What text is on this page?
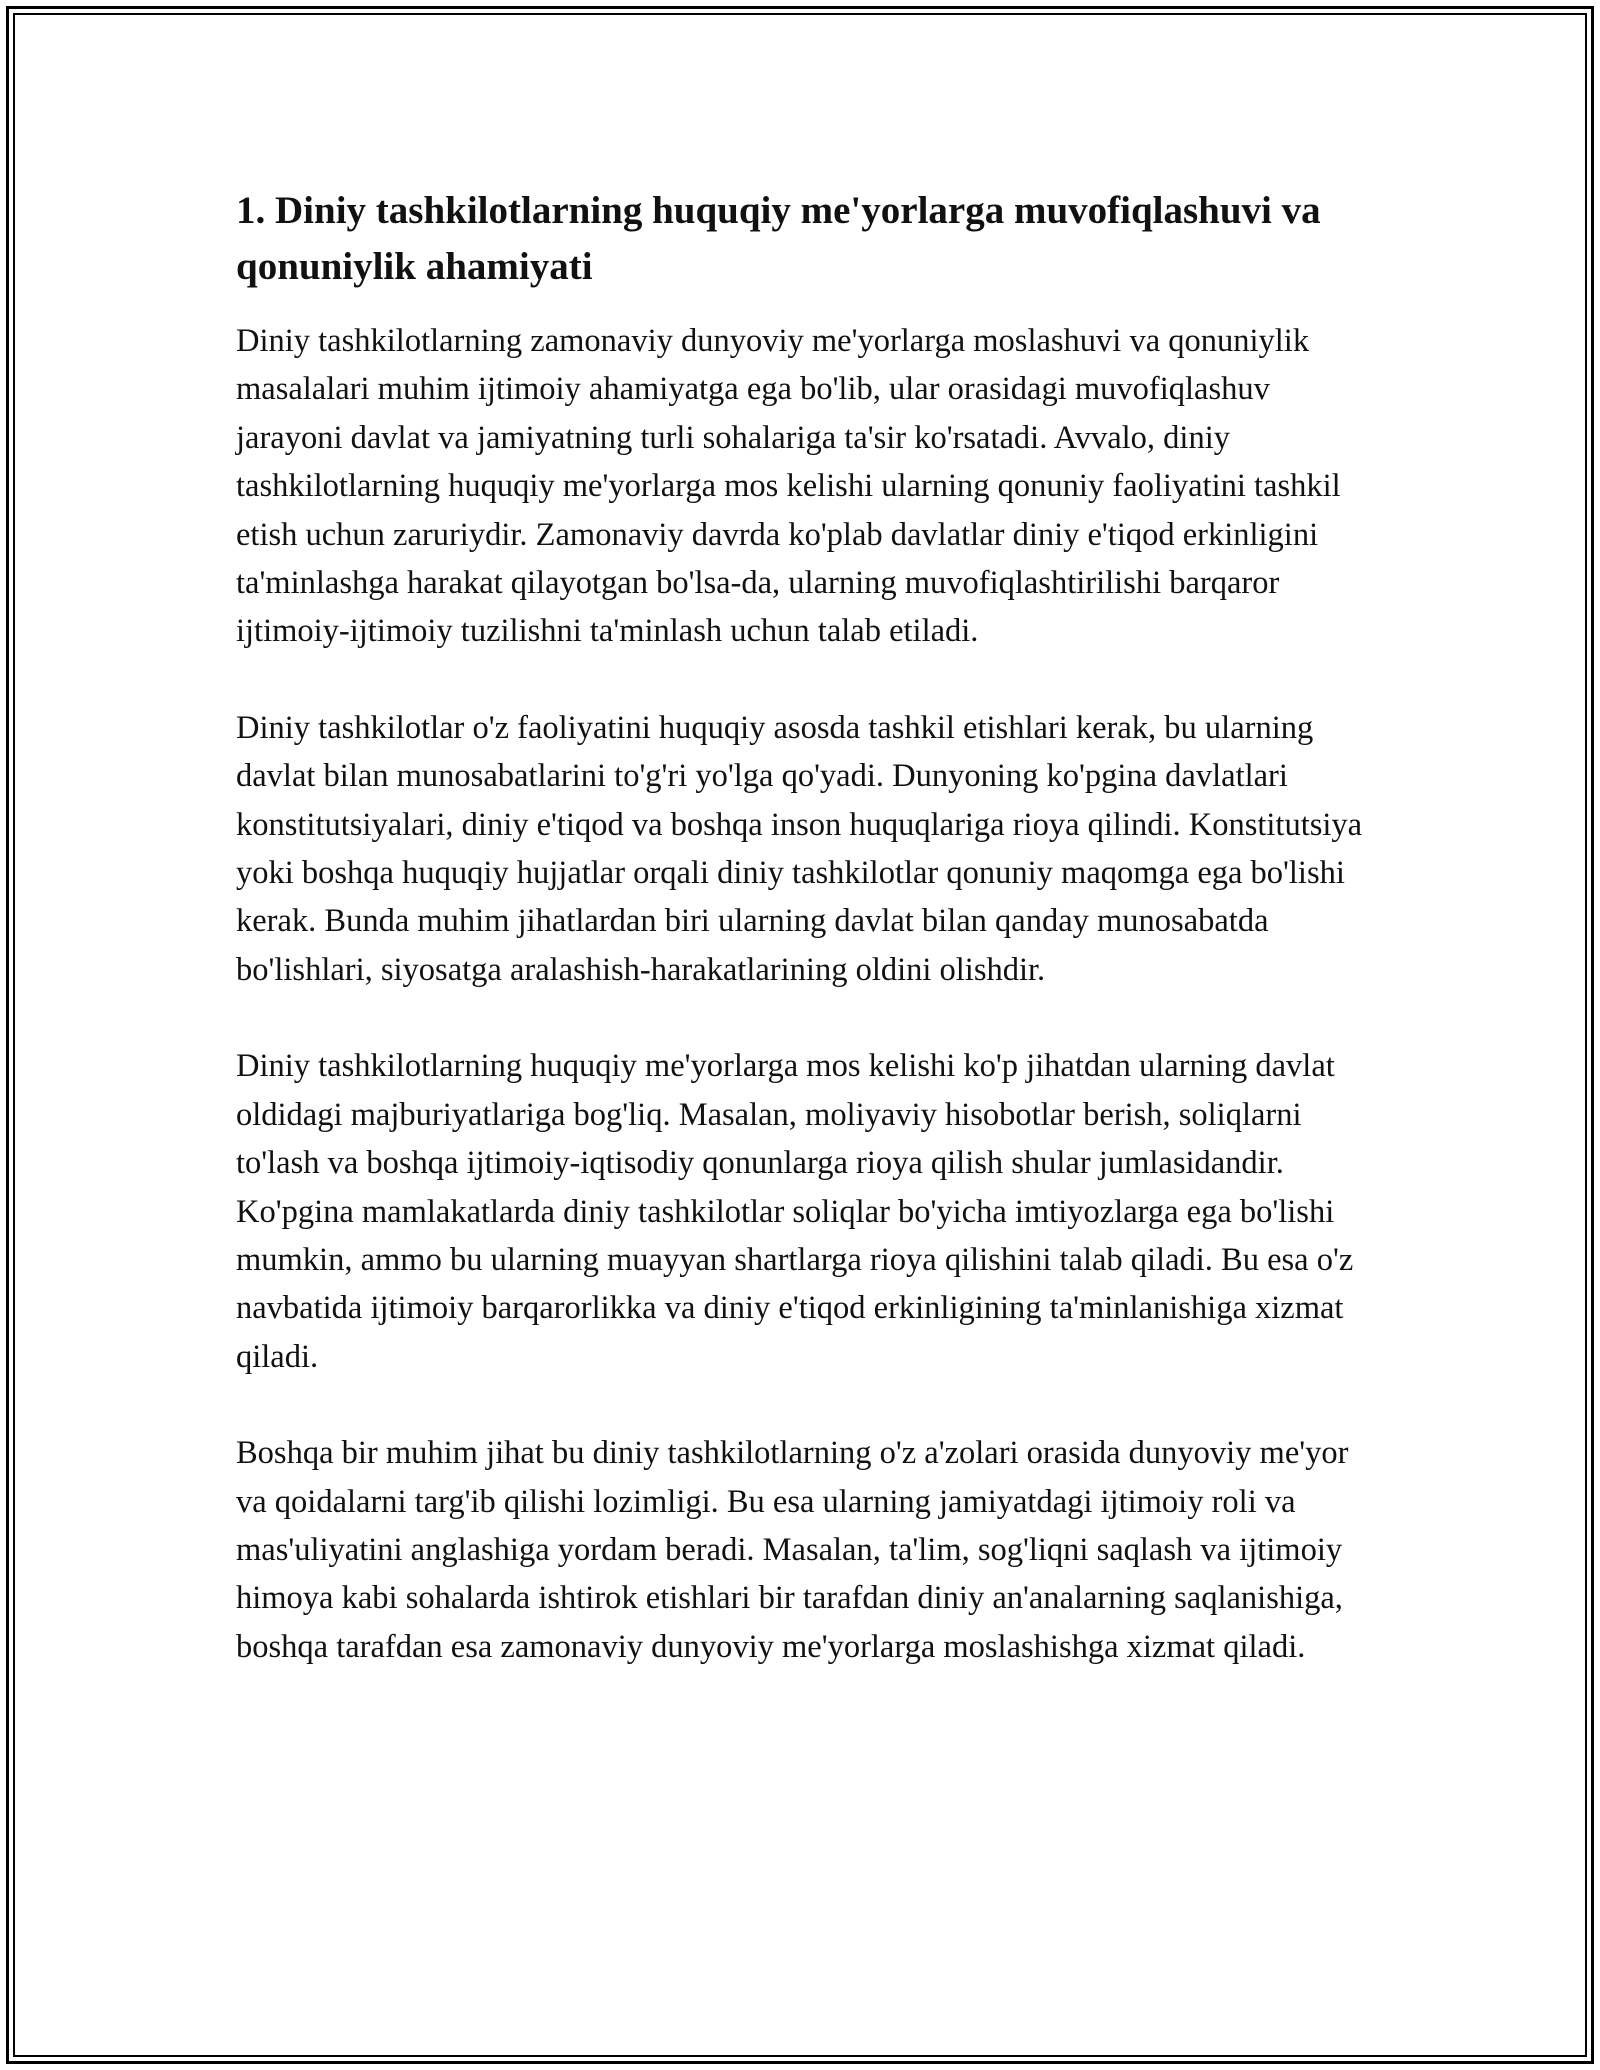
1. Diniy tashkilotlarning huquqiy me'yorlarga muvofiqlashuvi va qonuniylik ahamiyati

Diniy tashkilotlarning zamonaviy dunyoviy me'yorlarga moslashuvi va qonuniylik masalalari muhim ijtimoiy ahamiyatga ega bo'lib, ular orasidagi muvofiqlashuv jarayoni davlat va jamiyatning turli sohalariga ta'sir ko'rsatadi. Avvalo, diniy tashkilotlarning huquqiy me'yorlarga mos kelishi ularning qonuniy faoliyatini tashkil etish uchun zaruriydir. Zamonaviy davrda ko'plab davlatlar diniy e'tiqod erkinligini ta'minlashga harakat qilayotgan bo'lsa-da, ularning muvofiqlashtirilishi barqaror ijtimoiy-ijtimoiy tuzilishni ta'minlash uchun talab etiladi.

Diniy tashkilotlar o'z faoliyatini huquqiy asosda tashkil etishlari kerak, bu ularning davlat bilan munosabatlarini to'g'ri yo'lga qo'yadi. Dunyoning ko'pgina davlatlari konstitutsiyalari, diniy e'tiqod va boshqa inson huquqlariga rioya qilindi. Konstitutsiya yoki boshqa huquqiy hujjatlar orqali diniy tashkilotlar qonuniy maqomga ega bo'lishi kerak. Bunda muhim jihatlardan biri ularning davlat bilan qanday munosabatda bo'lishlari, siyosatga aralashish-harakatlarining oldini olishdir.

Diniy tashkilotlarning huquqiy me'yorlarga mos kelishi ko'p jihatdan ularning davlat oldidagi majburiyatlariga bog'liq. Masalan, moliyaviy hisobotlar berish, soliqlarni to'lash va boshqa ijtimoiy-iqtisodiy qonunlarga rioya qilish shular jumlasidandir. Ko'pgina mamlakatlarda diniy tashkilotlar soliqlar bo'yicha imtiyozlarga ega bo'lishi mumkin, ammo bu ularning muayyan shartlarga rioya qilishini talab qiladi. Bu esa o'z navbatida ijtimoiy barqarorlikka va diniy e'tiqod erkinligining ta'minlanishiga xizmat qiladi.

Boshqa bir muhim jihat bu diniy tashkilotlarning o'z a'zolari orasida dunyoviy me'yor va qoidalarni targ'ib qilishi lozimligi. Bu esa ularning jamiyatdagi ijtimoiy roli va mas'uliyatini anglashiga yordam beradi. Masalan, ta'lim, sog'liqni saqlash va ijtimoiy himoya kabi sohalarda ishtirok etishlari bir tarafdan diniy an'analarning saqlanishiga, boshqa tarafdan esa zamonaviy dunyoviy me'yorlarga moslashishga xizmat qiladi.
